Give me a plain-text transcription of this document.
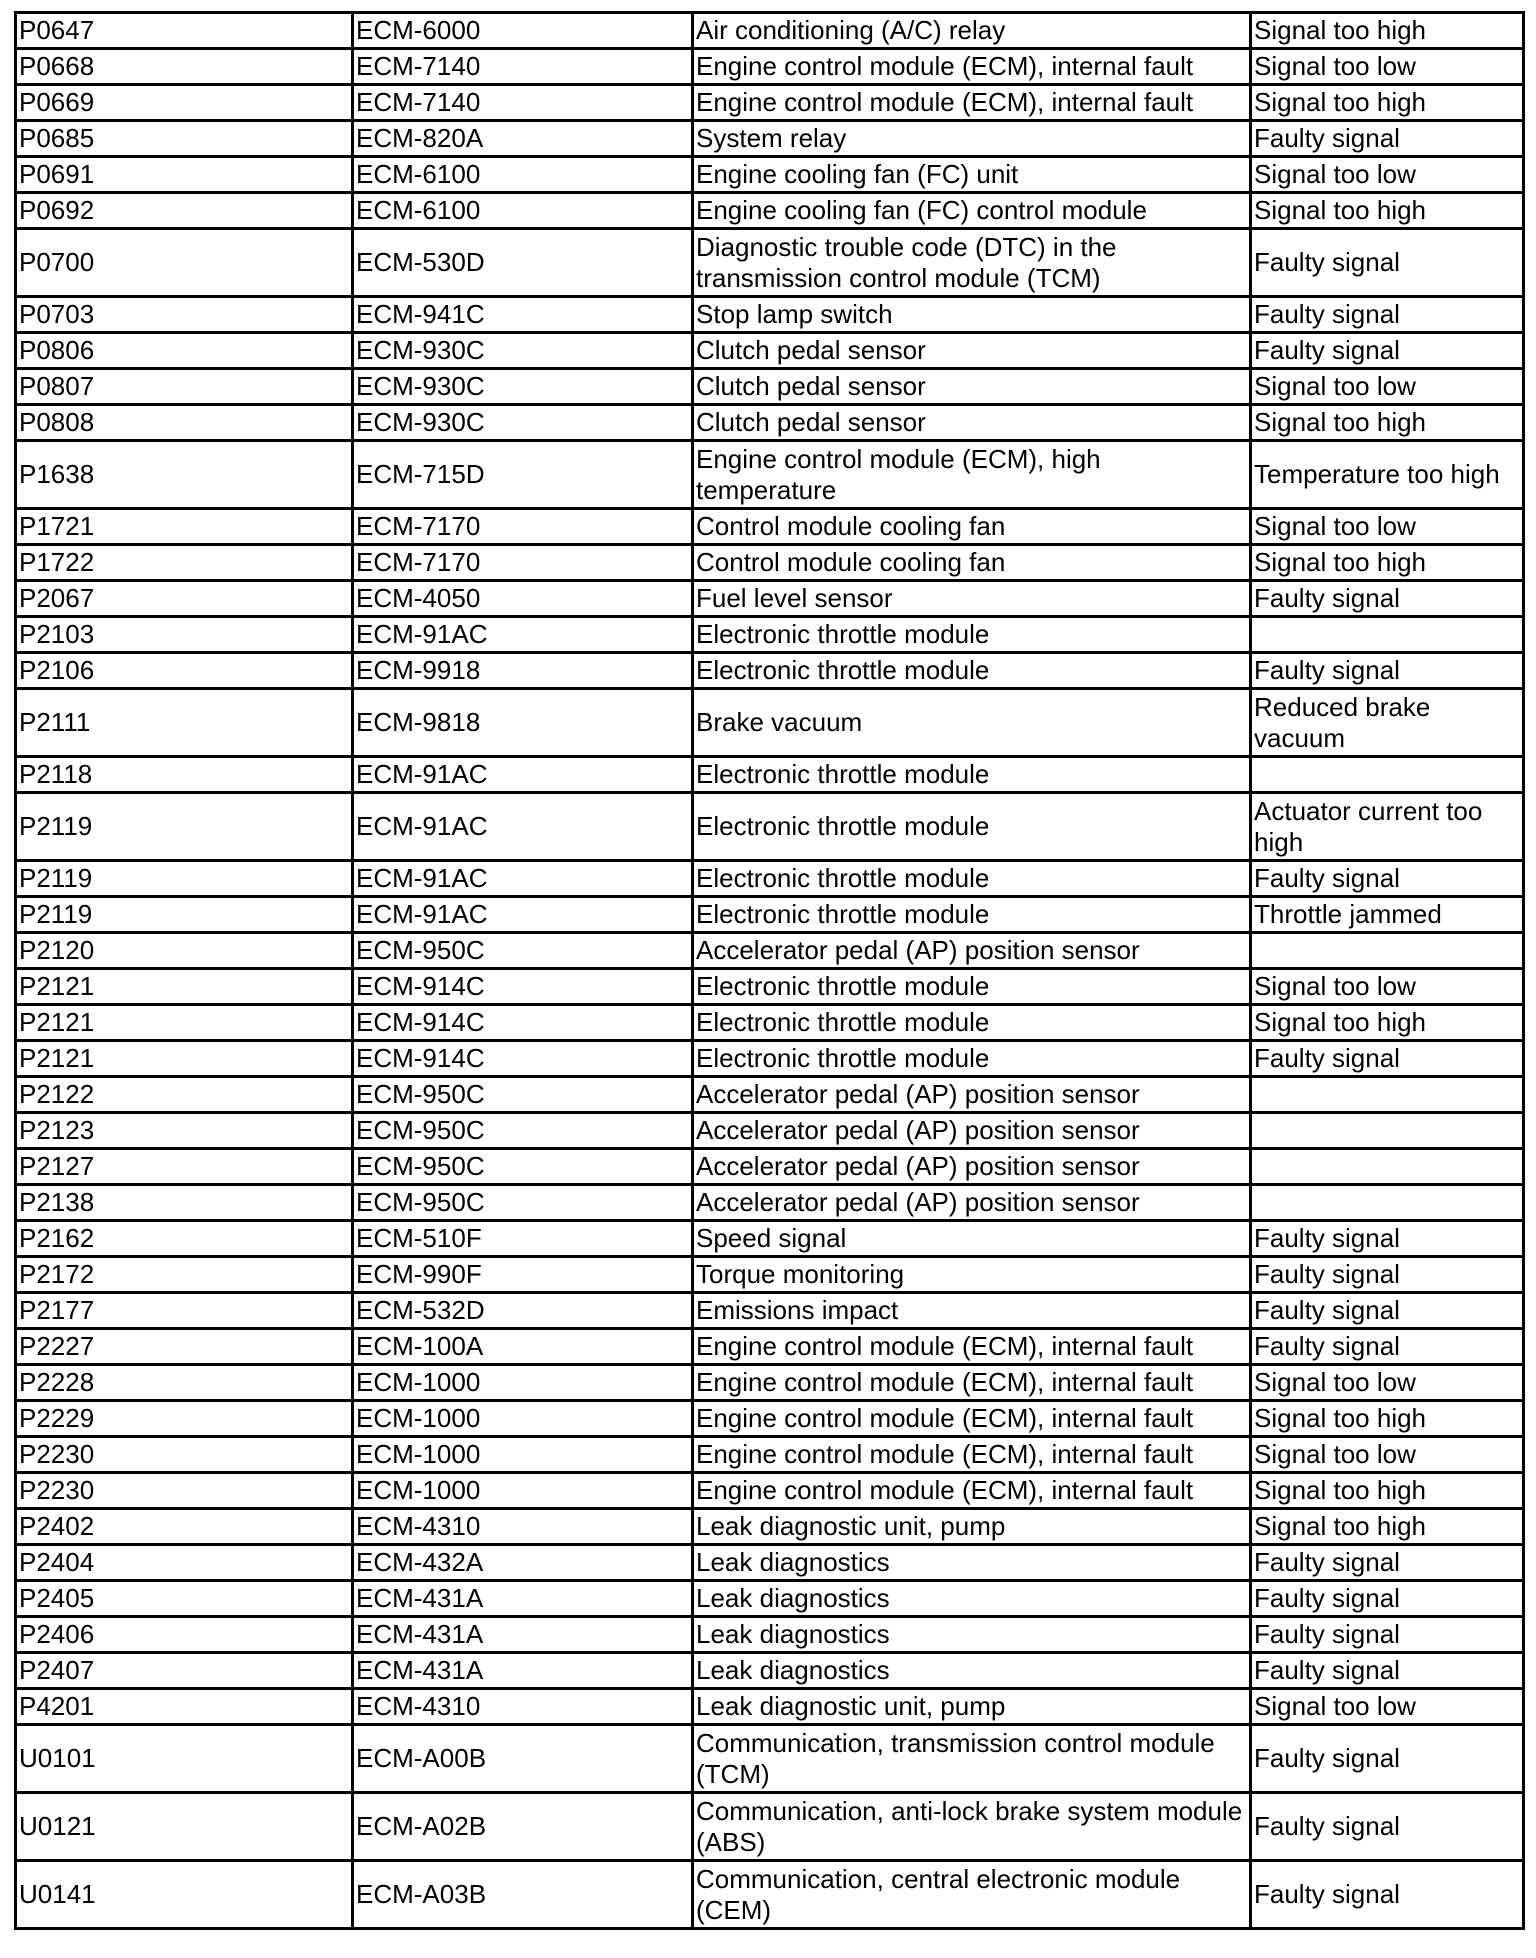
P0647	ECM-6000	Air conditioning (A/C) relay	Signal too high
P0668	ECM-7140	Engine control module (ECM), internal fault	Signal too low
P0669	ECM-7140	Engine control module (ECM), internal fault	Signal too high
P0685	ECM-820A	System relay	Faulty signal
P0691	ECM-6100	Engine cooling fan (FC) unit	Signal too low
P0692	ECM-6100	Engine cooling fan (FC) control module	Signal too high
P0700	ECM-530D	Diagnostic trouble code (DTC) in the transmission control module (TCM)	Faulty signal
P0703	ECM-941C	Stop lamp switch	Faulty signal
P0806	ECM-930C	Clutch pedal sensor	Faulty signal
P0807	ECM-930C	Clutch pedal sensor	Signal too low
P0808	ECM-930C	Clutch pedal sensor	Signal too high
P1638	ECM-715D	Engine control module (ECM), high temperature	Temperature too high
P1721	ECM-7170	Control module cooling fan	Signal too low
P1722	ECM-7170	Control module cooling fan	Signal too high
P2067	ECM-4050	Fuel level sensor	Faulty signal
P2103	ECM-91AC	Electronic throttle module	
P2106	ECM-9918	Electronic throttle module	Faulty signal
P2111	ECM-9818	Brake vacuum	Reduced brake vacuum
P2118	ECM-91AC	Electronic throttle module	
P2119	ECM-91AC	Electronic throttle module	Actuator current too high
P2119	ECM-91AC	Electronic throttle module	Faulty signal
P2119	ECM-91AC	Electronic throttle module	Throttle jammed
P2120	ECM-950C	Accelerator pedal (AP) position sensor	
P2121	ECM-914C	Electronic throttle module	Signal too low
P2121	ECM-914C	Electronic throttle module	Signal too high
P2121	ECM-914C	Electronic throttle module	Faulty signal
P2122	ECM-950C	Accelerator pedal (AP) position sensor	
P2123	ECM-950C	Accelerator pedal (AP) position sensor	
P2127	ECM-950C	Accelerator pedal (AP) position sensor	
P2138	ECM-950C	Accelerator pedal (AP) position sensor	
P2162	ECM-510F	Speed signal	Faulty signal
P2172	ECM-990F	Torque monitoring	Faulty signal
P2177	ECM-532D	Emissions impact	Faulty signal
P2227	ECM-100A	Engine control module (ECM), internal fault	Faulty signal
P2228	ECM-1000	Engine control module (ECM), internal fault	Signal too low
P2229	ECM-1000	Engine control module (ECM), internal fault	Signal too high
P2230	ECM-1000	Engine control module (ECM), internal fault	Signal too low
P2230	ECM-1000	Engine control module (ECM), internal fault	Signal too high
P2402	ECM-4310	Leak diagnostic unit, pump	Signal too high
P2404	ECM-432A	Leak diagnostics	Faulty signal
P2405	ECM-431A	Leak diagnostics	Faulty signal
P2406	ECM-431A	Leak diagnostics	Faulty signal
P2407	ECM-431A	Leak diagnostics	Faulty signal
P4201	ECM-4310	Leak diagnostic unit, pump	Signal too low
U0101	ECM-A00B	Communication, transmission control module (TCM)	Faulty signal
U0121	ECM-A02B	Communication, anti-lock brake system module (ABS)	Faulty signal
U0141	ECM-A03B	Communication, central electronic module (CEM)	Faulty signal
